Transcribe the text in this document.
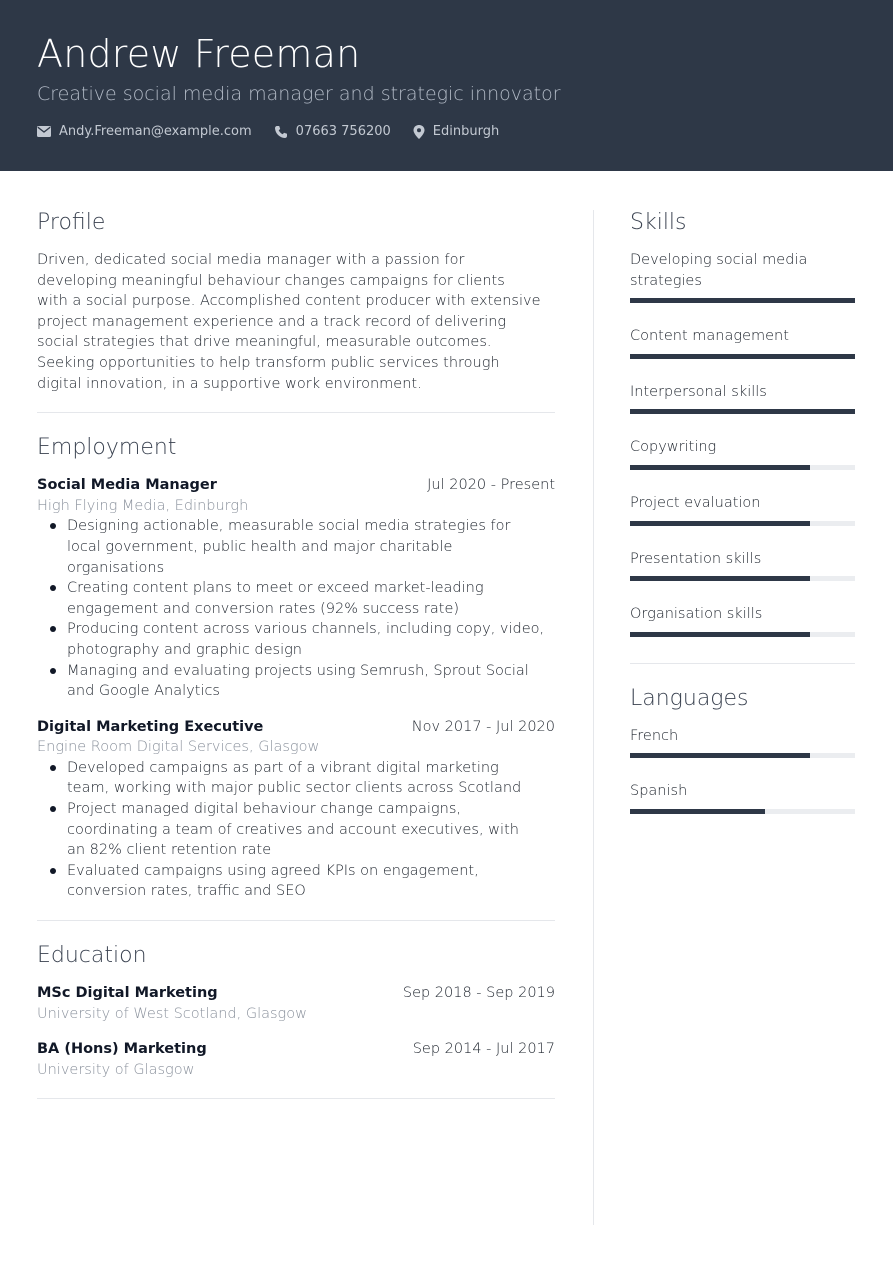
Andrew Freeman
Creative social media manager and strategic innovator
Andy.Freeman@example.com	07663 756200	Edinburgh
Profile
Driven, dedicated social media manager with a passion for
developing meaningful behaviour changes campaigns for clients
with a social purpose. Accomplished content producer with extensive
project management experience and a track record of delivering
social strategies that drive meaningful, measurable outcomes.
Seeking opportunities to help transform public services through
digital innovation, in a supportive work environment.
Employment
Social Media Manager	Jul 2020 - Present
High Flying Media, Edinburgh
Designing actionable, measurable social media strategies for
local government, public health and major charitable
organisations
Creating content plans to meet or exceed market-leading
engagement and conversion rates (92% success rate)
Producing content across various channels, including copy, video,
photography and graphic design
Managing and evaluating projects using Semrush, Sprout Social
and Google Analytics
Digital Marketing Executive	Nov 2017 - Jul 2020
Engine Room Digital Services, Glasgow
Developed campaigns as part of a vibrant digital marketing
team, working with major public sector clients across Scotland
Project managed digital behaviour change campaigns,
coordinating a team of creatives and account executives, with
an 82% client retention rate
Evaluated campaigns using agreed KPIs on engagement,
conversion rates, traffic and SEO
Education
MSc Digital Marketing	Sep 2018 - Sep 2019
University of West Scotland, Glasgow
BA (Hons) Marketing	Sep 2014 - Jul 2017
University of Glasgow
Skills
Developing social media
strategies
Content management
Interpersonal skills
Copywriting
Project evaluation
Presentation skills
Organisation skills
Languages
French
Spanish
